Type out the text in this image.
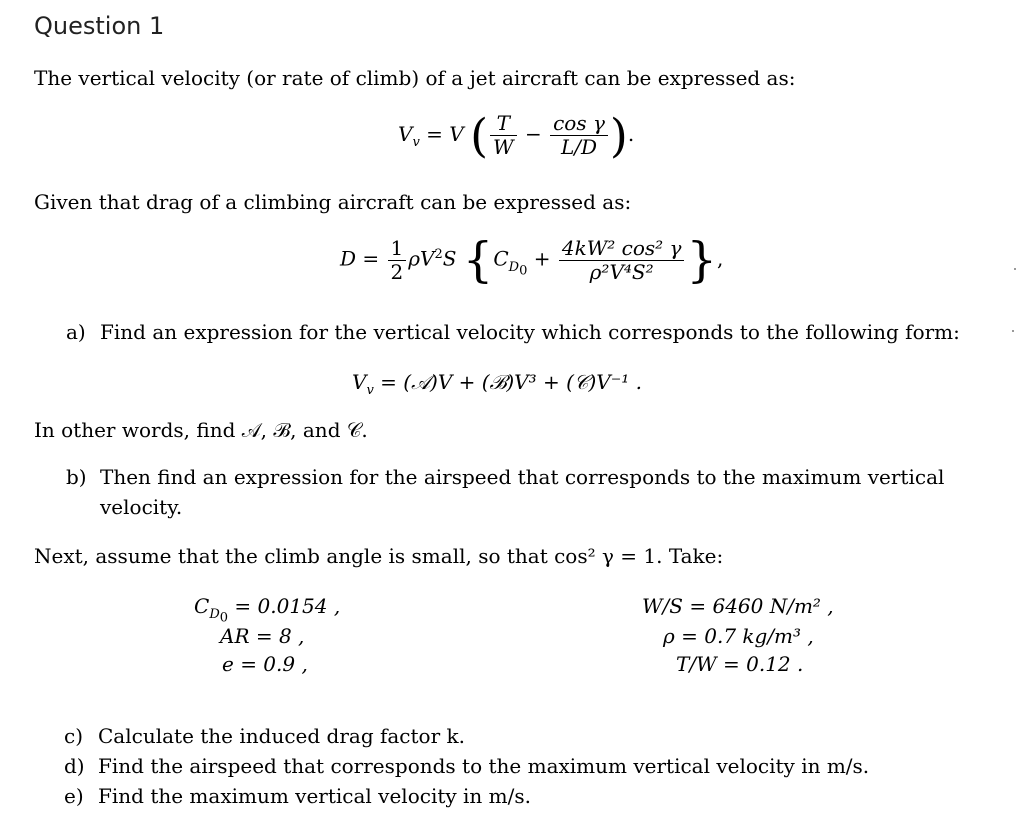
Question 1
The vertical velocity (or rate of climb) of a jet aircraft can be expressed as:
$V_v = V$ ( $\frac{T}{W} - \frac{\text{cos γ}}{L/D}$ ).
Given that drag of a climbing aircraft can be expressed as:
$D = \frac{1}{2} \rho V^2S$ {$C_{D_0} + \frac{\text{4kW² cos² γ}}{\text{ρ²V⁴S²}}$ },
a) Find an expression for the vertical velocity which corresponds to the following form:
$V_v$ = (𝒜)V + (ℬ)V³ + (𝒞)V⁻¹ .
In other words, find 𝒜, ℬ, and 𝒞.
b) Then find an expression for the airspeed that corresponds to the maximum vertical
velocity.
Next, assume that the climb angle is small, so that cos² γ = 1. Take:
$C_{D_0} = 0.0154$ ,
AR = 8 ,
e = 0.9 ,
W/S = 6460 N/m² ,
ρ = 0.7 kg/m³ ,
T/W = 0.12 .
c) Calculate the induced drag factor k.
d) Find the airspeed that corresponds to the maximum vertical velocity in m/s.
e) Find the maximum vertical velocity in m/s.
